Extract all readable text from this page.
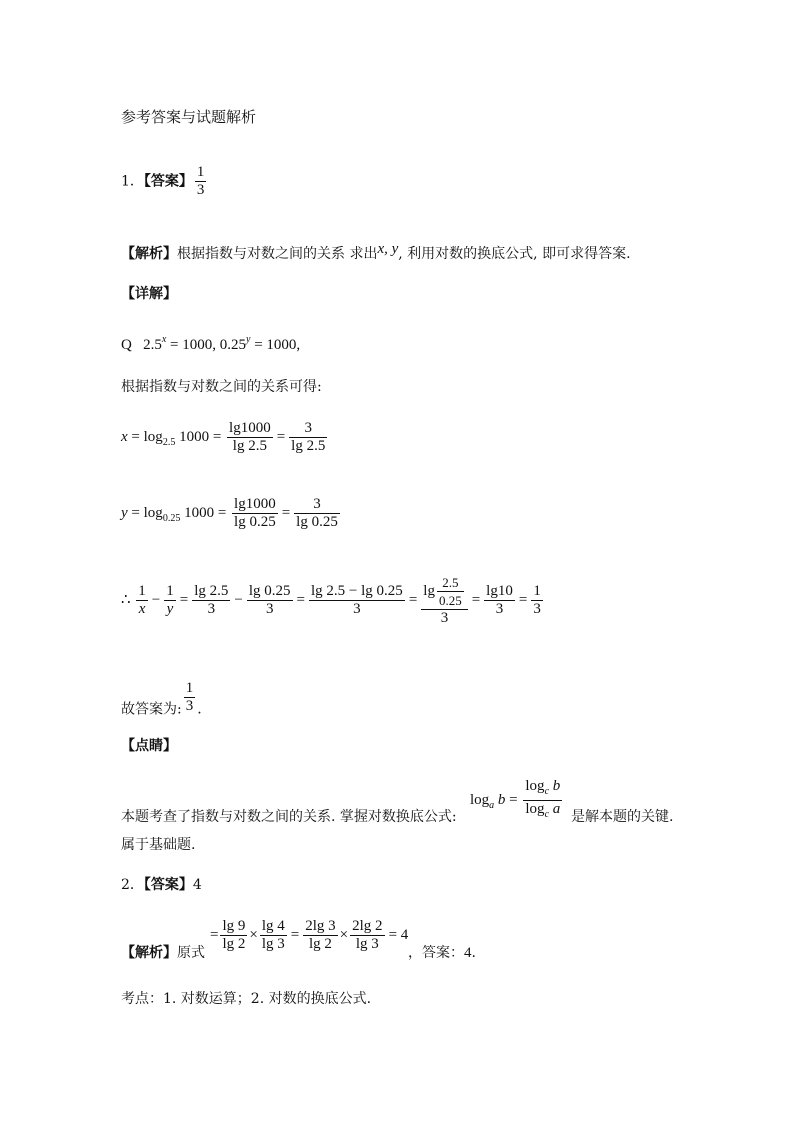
参考答案与试题解析
1．【答案】 $\frac{1}{3}$
【解析】根据指数与对数之间的关系 求出x, y, 利用对数的换底公式, 即可求得答案.
【详解】
Q $2.5^x = 1000$, $0.25^y = 1000$,
根据指数与对数之间的关系可得:
$x = \log_{2.5} 1000 = \frac{\lg 1000}{\lg 2.5} = \frac{3}{\lg 2.5}$
$y = \log_{0.25} 1000 = \frac{\lg 1000}{\lg 0.25} = \frac{3}{\lg 0.25}$
∴ $\frac{1}{x} - \frac{1}{y} = \frac{\lg 2.5}{3} - \frac{\lg 0.25}{3} = \frac{\lg 2.5 - \lg 0.25}{3} = \frac{\lg \frac{2.5}{0.25}}{3} = \frac{\lg 10}{3} = \frac{1}{3}$
故答案为: $\frac{1}{3}$ .
【点睛】
本题考查了指数与对数之间的关系. 掌握对数换底公式:
$\log_a b = \frac{\log_c b}{\log_c a}$ 是解本题的关键.
属于基础题.
2．【答案】4
【解析】原式
= $\frac{\lg 9}{\lg 2} \times \frac{\lg 4}{\lg 3} = \frac{2\lg 3}{\lg 2} \times \frac{2\lg 2}{\lg 3} = 4$
，答案：4.
考点：1. 对数运算；2. 对数的换底公式.
